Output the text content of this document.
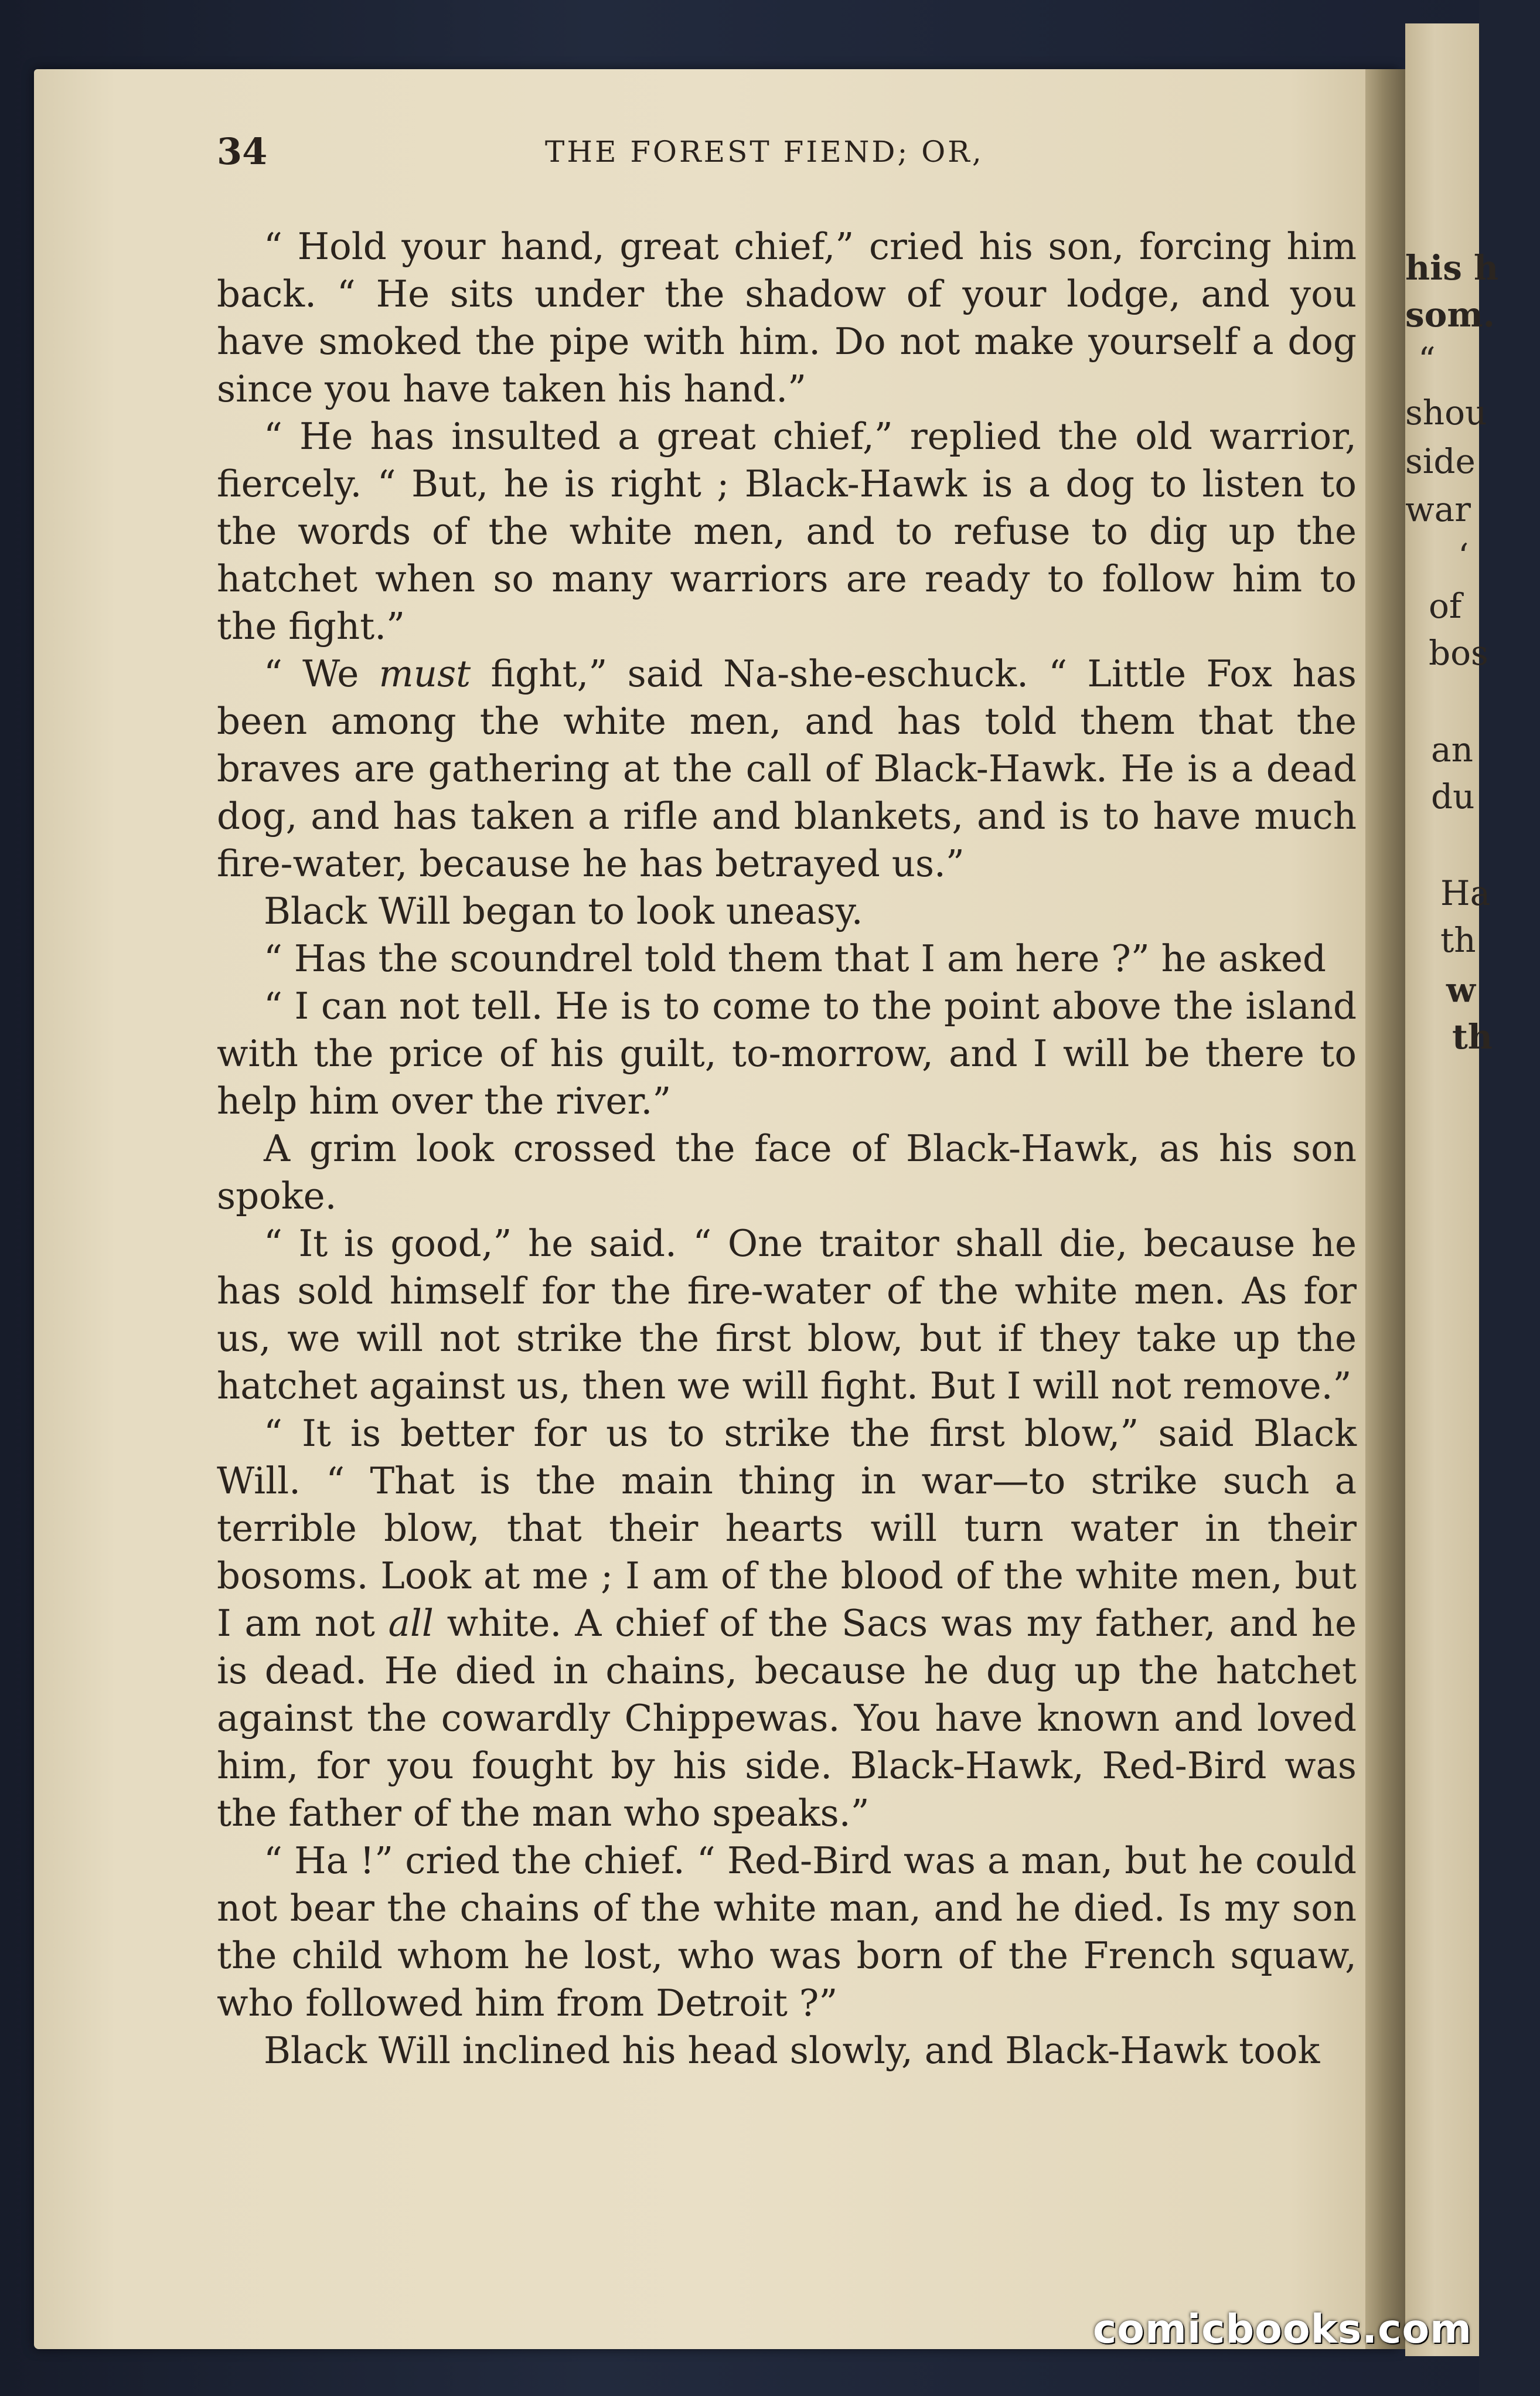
his h
som.
“
shou
side
war
‘
of
bos
an
du
Ha
th
w
th
34	THE FOREST FIEND; OR,

“ Hold your hand, great chief,” cried his son, forcing him back. “ He sits under the shadow of your lodge, and you have smoked the pipe with him. Do not make yourself a dog since you have taken his hand.”

“ He has insulted a great chief,” replied the old warrior, fiercely. “ But, he is right ; Black-Hawk is a dog to listen to the words of the white men, and to refuse to dig up the hatchet when so many warriors are ready to follow him to the fight.”

“ We must fight,” said Na-she-eschuck. “ Little Fox has been among the white men, and has told them that the braves are gathering at the call of Black-Hawk. He is a dead dog, and has taken a rifle and blankets, and is to have much fire-water, because he has betrayed us.”

Black Will began to look uneasy.

“ Has the scoundrel told them that I am here ?” he asked

“ I can not tell. He is to come to the point above the island with the price of his guilt, to-morrow, and I will be there to help him over the river.”

A grim look crossed the face of Black-Hawk, as his son spoke.

“ It is good,” he said. “ One traitor shall die, because he has sold himself for the fire-water of the white men. As for us, we will not strike the first blow, but if they take up the hatchet against us, then we will fight. But I will not remove.”

“ It is better for us to strike the first blow,” said Black Will. “ That is the main thing in war—to strike such a terrible blow, that their hearts will turn water in their bosoms. Look at me ; I am of the blood of the white men, but I am not all white. A chief of the Sacs was my father, and he is dead. He died in chains, because he dug up the hatchet against the cowardly Chippewas. You have known and loved him, for you fought by his side. Black-Hawk, Red-Bird was the father of the man who speaks.”

“ Ha !” cried the chief. “ Red-Bird was a man, but he could not bear the chains of the white man, and he died. Is my son the child whom he lost, who was born of the French squaw, who followed him from Detroit ?”

Black Will inclined his head slowly, and Black-Hawk took

comicbooks.com
